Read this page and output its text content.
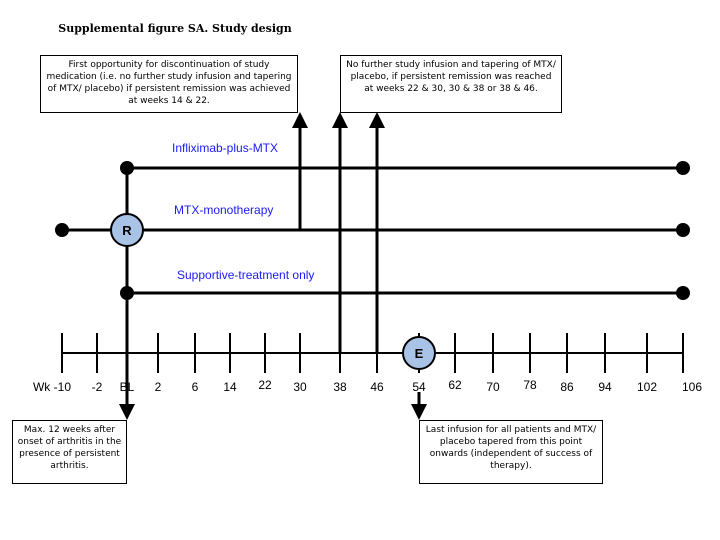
R
E
Supplemental figure SA. Study design
First opportunity for discontinuation of study medication (i.e. no further study infusion and tapering of MTX/ placebo) if persistent remission was achieved at weeks 14 & 22.
No further study infusion and tapering of MTX/ placebo, if persistent remission was reached at weeks 22 & 30, 30 & 38 or 38 & 46.
Max. 12 weeks after onset of arthritis in the presence of persistent arthritis.
Last infusion for all patients and MTX/ placebo tapered from this point onwards (independent of success of therapy).
Infliximab-plus-MTX
MTX-monotherapy
Supportive-treatment only
Wk -10	-2	BL	2	6	14	22	30	38	46	54	62	70	78	86	94	102	106
